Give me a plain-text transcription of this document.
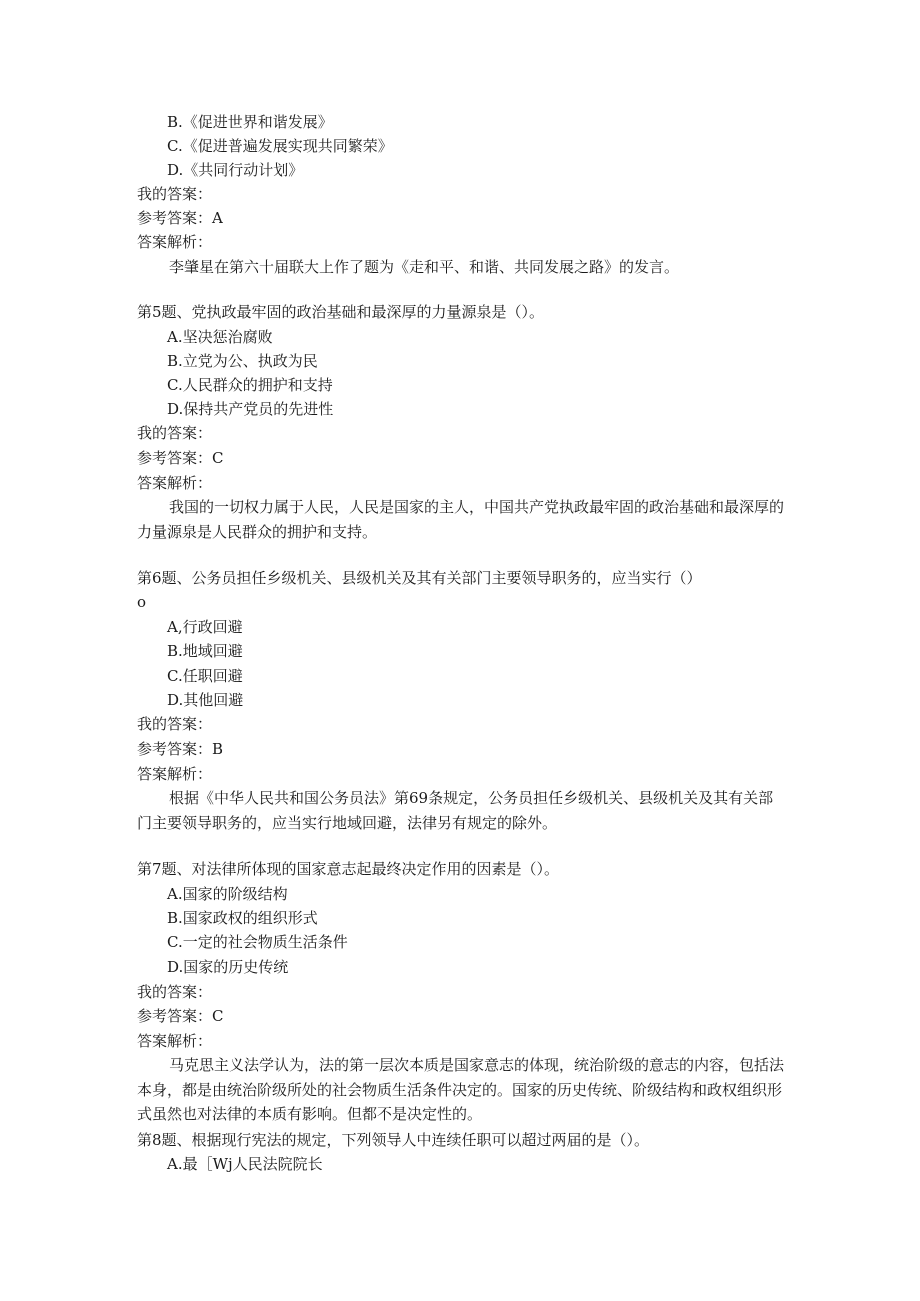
B.《促进世界和谐发展》
C.《促进普遍发展实现共同繁荣》
D.《共同行动计划》
我的答案：
参考答案：A
答案解析：
李肇星在第六十届联大上作了题为《走和平、和谐、共同发展之路》的发言。
第5题、党执政最牢固的政治基础和最深厚的力量源泉是（）。
A.坚决惩治腐败
B.立党为公、执政为民
C.人民群众的拥护和支持
D.保持共产党员的先进性
我的答案：
参考答案：C
答案解析：
我国的一切权力属于人民，人民是国家的主人，中国共产党执政最牢固的政治基础和最深厚的力量源泉是人民群众的拥护和支持。
第6题、公务员担任乡级机关、县级机关及其有关部门主要领导职务的，应当实行（）
o
A,行政回避
B.地域回避
C.任职回避
D.其他回避
我的答案：
参考答案：B
答案解析：
根据《中华人民共和国公务员法》第69条规定，公务员担任乡级机关、县级机关及其有关部门主要领导职务的，应当实行地域回避，法律另有规定的除外。
第7题、对法律所体现的国家意志起最终决定作用的因素是（）。
A.国家的阶级结构
B.国家政权的组织形式
C.一定的社会物质生活条件
D.国家的历史传统
我的答案：
参考答案：C
答案解析：
马克思主义法学认为，法的第一层次本质是国家意志的体现，统治阶级的意志的内容，包括法本身，都是由统治阶级所处的社会物质生活条件决定的。国家的历史传统、阶级结构和政权组织形式虽然也对法律的本质有影响。但都不是决定性的。
第8题、根据现行宪法的规定，下列领导人中连续任职可以超过两届的是（）。
A.最［Wj人民法院院长
